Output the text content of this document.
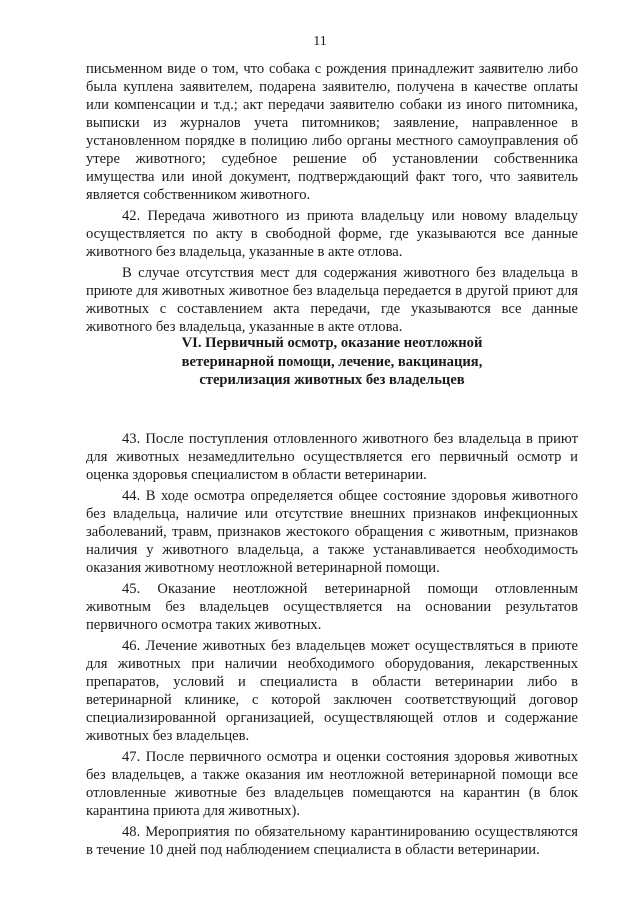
11

письменном виде о том, что собака с рождения принадлежит заявителю либо была куплена заявителем, подарена заявителю, получена в качестве оплаты или компенсации и т.д.; акт передачи заявителю собаки из иного питомника, выписки из журналов учета питомников; заявление, направленное в установленном порядке в полицию либо органы местного самоуправления об утере животного; судебное решение об установлении собственника имущества или иной документ, подтверждающий факт того, что заявитель является собственником животного.

42. Передача животного из приюта владельцу или новому владельцу осуществляется по акту в свободной форме, где указываются все данные животного без владельца, указанные в акте отлова.

В случае отсутствия мест для содержания животного без владельца в приюте для животных животное без владельца передается в другой приют для животных с составлением акта передачи, где указываются все данные животного без владельца, указанные в акте отлова.

VI. Первичный осмотр, оказание неотложной
ветеринарной помощи, лечение, вакцинация,
стерилизация животных без владельцев

43. После поступления отловленного животного без владельца в приют для животных незамедлительно осуществляется его первичный осмотр и оценка здоровья специалистом в области ветеринарии.

44. В ходе осмотра определяется общее состояние здоровья животного без владельца, наличие или отсутствие внешних признаков инфекционных заболеваний, травм, признаков жестокого обращения с животным, признаков наличия у животного владельца, а также устанавливается необходимость оказания животному неотложной ветеринарной помощи.

45. Оказание неотложной ветеринарной помощи отловленным животным без владельцев осуществляется на основании результатов первичного осмотра таких животных.

46. Лечение животных без владельцев может осуществляться в приюте для животных при наличии необходимого оборудования, лекарственных препаратов, условий и специалиста в области ветеринарии либо в ветеринарной клинике, с которой заключен соответствующий договор специализированной организацией, осуществляющей отлов и содержание животных без владельцев.

47. После первичного осмотра и оценки состояния здоровья животных без владельцев, а также оказания им неотложной ветеринарной помощи все отловленные животные без владельцев помещаются на карантин (в блок карантина приюта для животных).

48. Мероприятия по обязательному карантинированию осуществляются в течение 10 дней под наблюдением специалиста в области ветеринарии.
